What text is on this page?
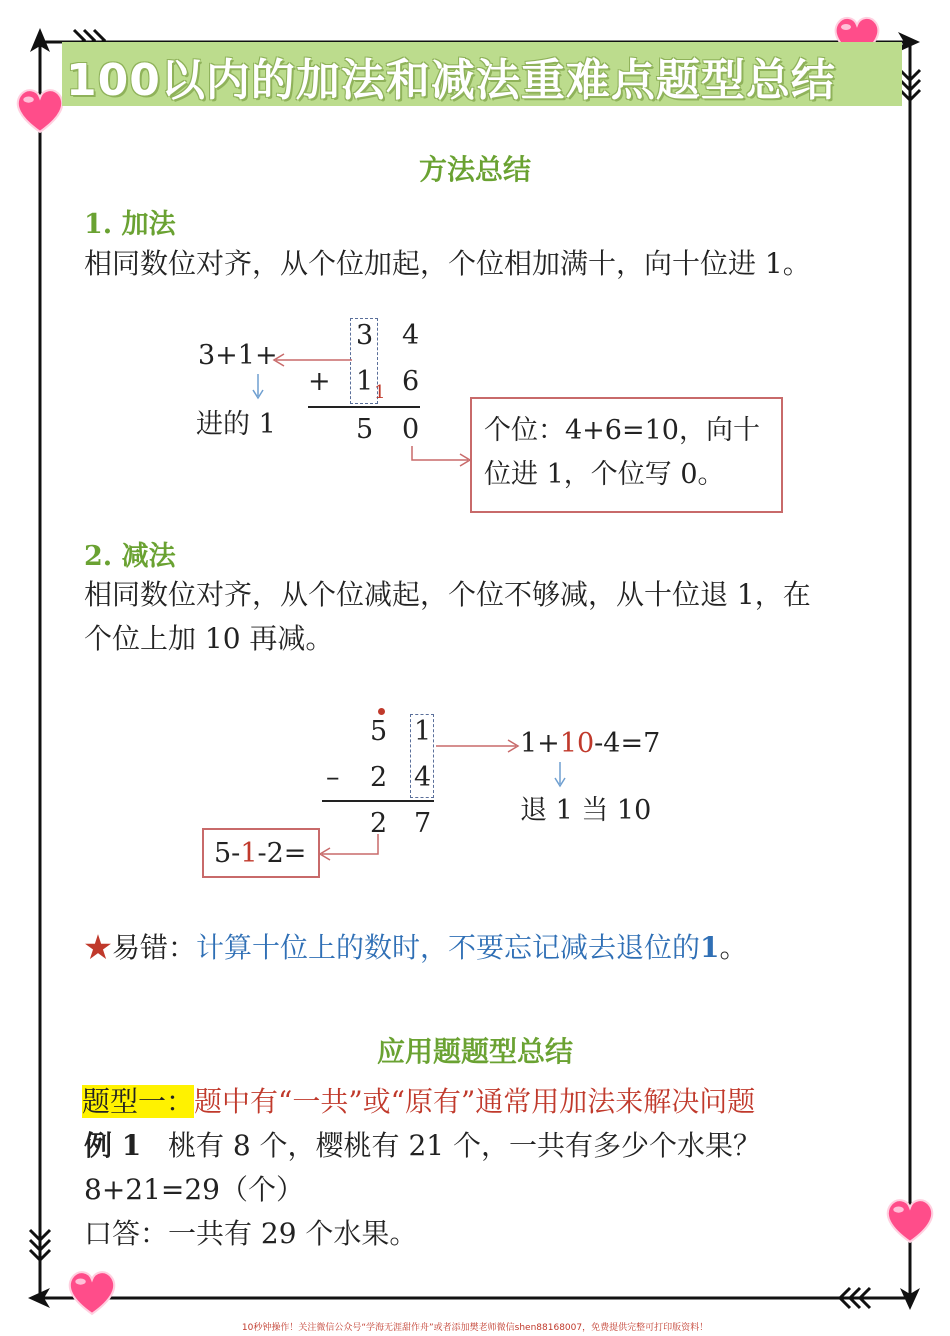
100以内的加法和减法重难点题型总结
方法总结
1. 加法
相同数位对齐，从个位加起，个位相加满十，向十位进 1。
3+1+
进的 1
3 4
+ 1 6
1
5 0 个位：4+6=10，向十
位进 1，个位写 0。
2. 减法
相同数位对齐，从个位减起，个位不够减，从十位退 1，在
个位上加 10 再减。
5 1
– 2 4
2 7
1+10-4=7
退 1 当 10
5-1-2=
★易错：计算十位上的数时，不要忘记减去退位的1。
应用题题型总结
题型一：题中有“一共”或“原有”通常用加法来解决问题
例 1 桃有 8 个，樱桃有 21 个，一共有多少个水果？
8+21=29（个）
口答：一共有 29 个水果。
10秒钟操作！关注微信公众号“学海无涯甜作舟”或者添加樊老师微信shen88168007，免费提供完整可打印版资料！
